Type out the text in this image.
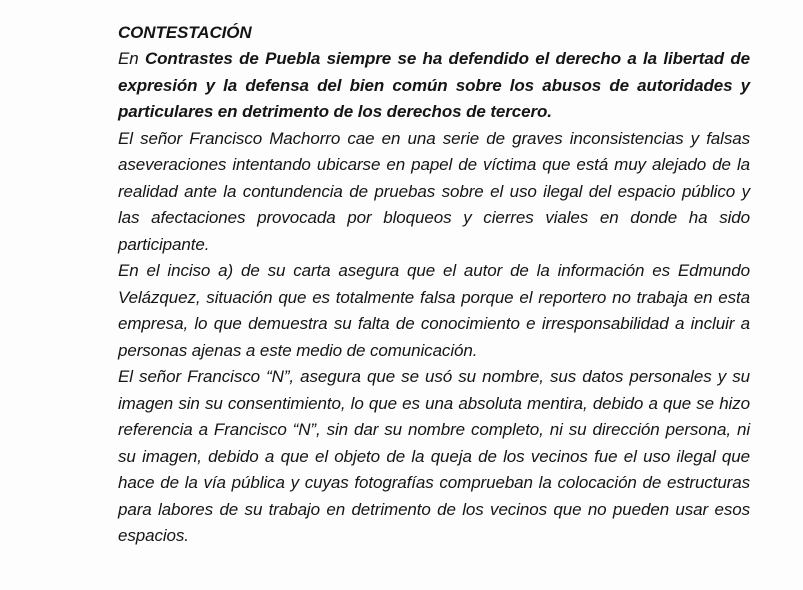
CONTESTACIÓN

En Contrastes de Puebla siempre se ha defendido el derecho a la libertad de expresión y la defensa del bien común sobre los abusos de autoridades y particulares en detrimento de los derechos de tercero.

El señor Francisco Machorro cae en una serie de graves inconsistencias y falsas aseveraciones intentando ubicarse en papel de víctima que está muy alejado de la realidad ante la contundencia de pruebas sobre el uso ilegal del espacio público y las afectaciones provocada por bloqueos y cierres viales en donde ha sido participante.

En el inciso a) de su carta asegura que el autor de la información es Edmundo Velázquez, situación que es totalmente falsa porque el reportero no trabaja en esta empresa, lo que demuestra su falta de conocimiento e irresponsabilidad a incluir a personas ajenas a este medio de comunicación.

El señor Francisco “N”, asegura que se usó su nombre, sus datos personales y su imagen sin su consentimiento, lo que es una absoluta mentira, debido a que se hizo referencia a Francisco “N”, sin dar su nombre completo, ni su dirección persona, ni su imagen, debido a que el objeto de la queja de los vecinos fue el uso ilegal que hace de la vía pública y cuyas fotografías comprueban la colocación de estructuras para labores de su trabajo en detrimento de los vecinos que no pueden usar esos espacios.
